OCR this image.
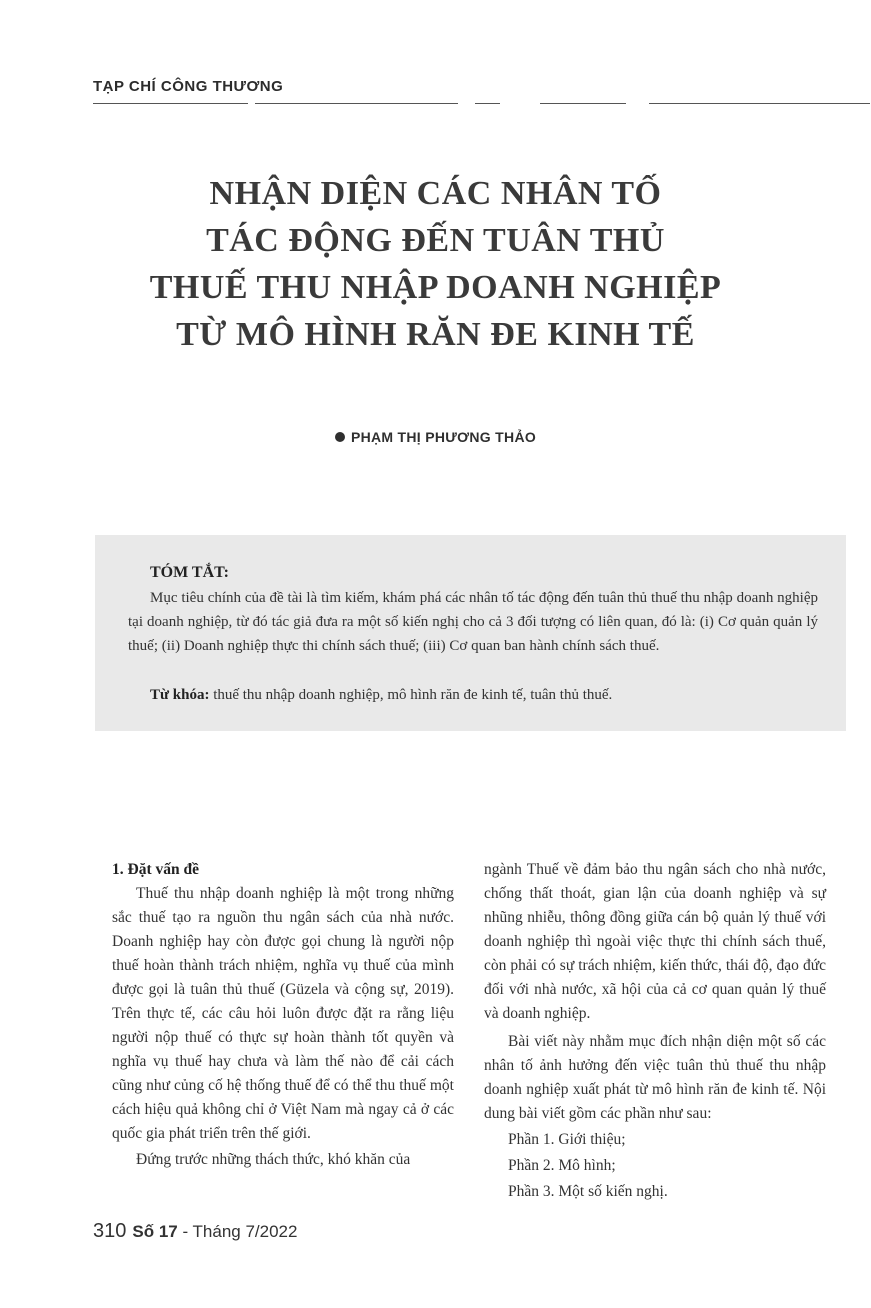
TẠP CHÍ CÔNG THƯƠNG
NHẬN DIỆN CÁC NHÂN TỐ
TÁC ĐỘNG ĐẾN TUÂN THỦ
THUẾ THU NHẬP DOANH NGHIỆP
TỪ MÔ HÌNH RĂN ĐE KINH TẾ
PHẠM THỊ PHƯƠNG THẢO
TÓM TẮT:
Mục tiêu chính của đề tài là tìm kiếm, khám phá các nhân tố tác động đến tuân thủ thuế thu nhập doanh nghiệp tại doanh nghiệp, từ đó tác giả đưa ra một số kiến nghị cho cả 3 đối tượng có liên quan, đó là: (i) Cơ quản quản lý thuế; (ii) Doanh nghiệp thực thi chính sách thuế; (iii) Cơ quan ban hành chính sách thuế.
Từ khóa: thuế thu nhập doanh nghiệp, mô hình răn đe kinh tế, tuân thủ thuế.

1. Đặt vấn đề

Thuế thu nhập doanh nghiệp là một trong những sắc thuế tạo ra nguồn thu ngân sách của nhà nước. Doanh nghiệp hay còn được gọi chung là người nộp thuế hoàn thành trách nhiệm, nghĩa vụ thuế của mình được gọi là tuân thủ thuế (Güzela và cộng sự, 2019). Trên thực tế, các câu hỏi luôn được đặt ra rằng liệu người nộp thuế có thực sự hoàn thành tốt quyền và nghĩa vụ thuế hay chưa và làm thế nào để cải cách cũng như củng cố hệ thống thuế để có thể thu thuế một cách hiệu quả không chỉ ở Việt Nam mà ngay cả ở các quốc gia phát triển trên thế giới.

Đứng trước những thách thức, khó khăn của

ngành Thuế về đảm bảo thu ngân sách cho nhà nước, chống thất thoát, gian lận của doanh nghiệp và sự nhũng nhiễu, thông đồng giữa cán bộ quản lý thuế với doanh nghiệp thì ngoài việc thực thi chính sách thuế, còn phải có sự trách nhiệm, kiến thức, thái độ, đạo đức đối với nhà nước, xã hội của cả cơ quan quản lý thuế và doanh nghiệp.

Bài viết này nhằm mục đích nhận diện một số các nhân tố ảnh hưởng đến việc tuân thủ thuế thu nhập doanh nghiệp xuất phát từ mô hình răn đe kinh tế. Nội dung bài viết gồm các phần như sau:

Phần 1. Giới thiệu;

Phần 2. Mô hình;

Phần 3. Một số kiến nghị.

310 Số 17 - Tháng 7/2022
